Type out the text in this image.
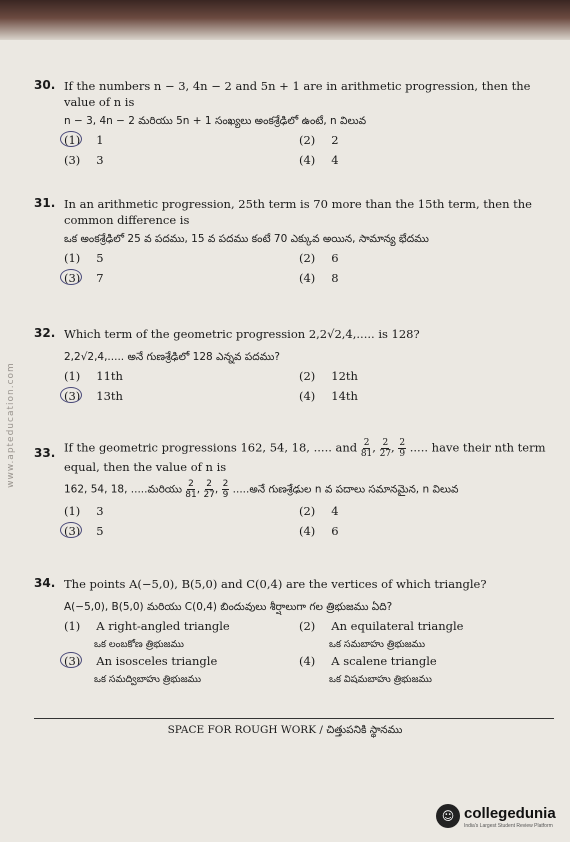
www.apteducation.com
30. If the numbers n − 3, 4n − 2 and 5n + 1 are in arithmetic progression, then the value of n is
n − 3, 4n − 2 మరియు 5n + 1 సంఖ్యలు అంకశ్రేఢిలో ఉంటే, n విలువ
(1) 1	(2) 2
(3) 3	(4) 4
31. In an arithmetic progression, 25th term is 70 more than the 15th term, then the common difference is
ఒక అంకశ్రేఢిలో 25 వ పదము, 15 వ పదము కంటే 70 ఎక్కువ అయిన, సామాన్య భేదము
(1) 5	(2) 6
(3) 7	(4) 8
32. Which term of the geometric progression 2,2√2,4,..... is 128?
2,2√2,4,..... అనే గుణశ్రేఢిలో 128 ఎన్నవ పదము?
(1) 11th	(2) 12th
(3) 13th	(4) 14th
33. If the geometric progressions 162, 54, 18, ..... and $\frac{2}{81}$ , $\frac{2}{27}$ , $\frac{2}{9}$ ..... have their nth term equal, then the value of n is
162, 54, 18, .....మరియు $\frac{2}{81}$ , $\frac{2}{27}$ , $\frac{2}{9}$ .....అనే గుణశ్రేఢుల n వ పదాలు సమానమైన, n విలువ
(1) 3	(2) 4
(3) 5	(4) 6
34. The points A(−5,0), B(5,0) and C(0,4) are the vertices of which triangle?
A(−5,0), B(5,0) మరియు C(0,4) బిందువులు శీర్షాలుగా గల త్రిభుజము ఏది?
(1) A right-angled triangle
ఒక లంబకోణ త్రిభుజము
(2) An equilateral triangle
ఒక సమబాహు త్రిభుజము
(3) An isosceles triangle
ఒక సమద్విబాహు త్రిభుజము
(4) A scalene triangle
ఒక విషమబాహు త్రిభుజము
SPACE FOR ROUGH WORK / చిత్తుపనికి స్థానము
☺ collegedunia
India's Largest Student Review Platform
